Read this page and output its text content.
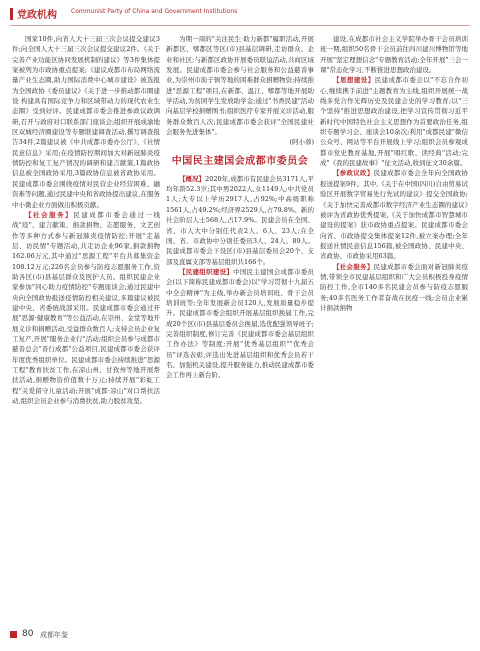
党政机构 Communist Party of China and Government Institutions

国家10件,向省人大十三届三次会议提交建议3件;向全国人大十三届三次会议提交建议2件。《关于完善产业功能区协同发展机制的建议》等3件集体提案被列为市政协重点提案;《建议成都市布局网络流量产业生态圈,助力国际消费中心城市建设》被选报为全国政协《委员建议》《关于进一步推动都市圈建设 构建具有国际竞争力和区域带动力的现代农业生态圈》受到好评。民建成都市委会推进参政议政调研,召开与政府对口联系部门座谈会;组织开展成渝地区双城经济圈建设等专题联建调查活动,撰写调查报告34件,2篇建议被《中共成都市委办公厅》、《社情民意信息》采用;在疫情防控期间加大对新冠肺炎疫情防控和复工复产情况的调研和建言献策,1篇政协信息被全国政协采用,3篇政协信息被省政协采用。民建成都市委会围绕疫情对民营企业经营困难、融资难等问题,通过民建中央和省政协提出建议,在服务中小微企业方面做出积极贡献。

【社会服务】民建成都市委会通过一线战"疫"、建言献策、捐款捐物、志愿服务、文艺创作等多种方式参与新冠肺炎疫情防控;开展"走基层、访民情"专题活动,共走访企业96家,捐款捐物162.06万元,其中通过"思源工程"平台共募集资金108.12万元;226名会员参与防疫志愿服务工作,资助各区(市)县基层群众及医护人员。组织民建企业家参加"同心助力疫情防控"专题座谈会;通过民建中央向全国政协报送疫情防控相关建议,多篇建议被民建中央、省委统战部采用。民建成都市委会通过开展"思源·健康教育"等公益活动,在崇州、金堂等地开展义诊和捐赠活动,受益群众数百人;支持会员企业复工复产,开展"服务企业行"活动;组织会员参与成都市慈善总会"善行成都"公益项目,民建成都市委会获评年度优秀组织单位。民建成都市委会持续推进"思源工程"教育扶贫工作,在凉山州、甘孜州等地开展帮扶活动,捐赠物资价值数十万元;持续开展"彩虹工程"关爱留守儿童活动;开展"成都·凉山"对口帮扶活动,组织会员企业参与消费扶贫,助力脱贫攻坚。

为期一周的"关注民生·助力新都"履职活动,开展新都区、郫都区等区(市)县基层调研,走访群众、企业和社区;与新都区政协开展委员联谊活动,共商区域发展。民建成都市委会参与社会服务和公益慈善事业,为崇州市街子镇等地的困难群众捐赠物资;持续推进"思源工程"项目,在新都、温江、郫都等地开展助学活动,为贫困学生发放助学金;通过"书香民建"活动向基层学校捐赠图书;组织医疗专家开展义诊活动,服务群众数百人次;民建成都市委会获评"全国民建社会服务先进集体"。

(阿小蓉)
中国民主建国会成都市委员会

【概况】2020年,成都市有民建会员3171人,平均年龄52.3岁;其中男2022人,女1149人;中共党员1人;大专以上学历2917人,占92%;中高级职称1561人,占49.2%;经济界2529人,占79.8%。新的社会阶层人士568人,占17.9%。民建会员在全国、省、市人大中分别任代表2人、6人、23人;在全国、省、市政协中分别任委员3人、24人、89人。民建成都市委会下设区(市)县基层委员会20个、支部及直属支部等基层组织共166个。

【民建组织建设】中国民主建国会成都市委员会(以下简称民建成都市委会)以"学习贯彻十九届五中全会精神"为主线,举办新会员培训班、骨干会员培训班等;全年发展新会员120人,发展质量稳步提升。民建成都市委会组织开展基层组织换届工作,完成20个区(市)县基层委员会换届,选优配强领导班子;完善组织制度,修订完善《民建成都市委会基层组织工作办法》等制度;开展"优秀基层组织""优秀会员"评选表彰,评选出先进基层组织和优秀会员若干名。加强机关建设,提升服务能力,推动民建成都市委会工作再上新台阶。

建设,在成都市社会主义学院举办骨干会员培训班一期,组织50名骨干会员前往四川建川博物馆等地开展"坚定理想信念"专题教育活动;全年开展"三会一课"常态化学习,不断推进思想政治建设。

【思想建设】民建成都市委会以"不忘合作初心,继续携手前进"主题教育为主线,组织开展统一战线多党合作光辉历史及民建会史的学习教育;以"三个坚持"推进思想政治建设,把学习宣传贯彻习近平新时代中国特色社会主义思想作为首要政治任务,组织专题学习会、座谈会10余次;利用"成都民建"微信公众号、网站等平台开展线上学习;组织会员参观成都市党史教育基地,开展"唱红歌、读经典"活动;完成"《我的民建故事》"征文活动,收到征文30余篇。

【参政议政】民建成都市委会全年向全国政协报送提案9件。其中,《关于在中国(四川)自由贸易试验区开展数字贸易先行先试的建议》提交全国政协;《关于加快完善成都市数字经济产业生态圈的建议》被评为省政协优秀提案,《关于加快成都市智慧城市建设的提案》获市政协重点提案。民建成都市委会向省、市政协提交集体提案12件,被立案办理;全年报送社情民意信息156篇,被全国政协、民建中央、省政协、市政协采用63篇。

【社会服务】民建成都市委会面对新冠肺炎疫情,带领全市民建基层组织和广大会员积极投身疫情防控工作,全市140多名民建会员参与防疫志愿服务;40多名医务工作者奋战在抗疫一线;会员企业累计捐款捐物

80 成都年鉴
